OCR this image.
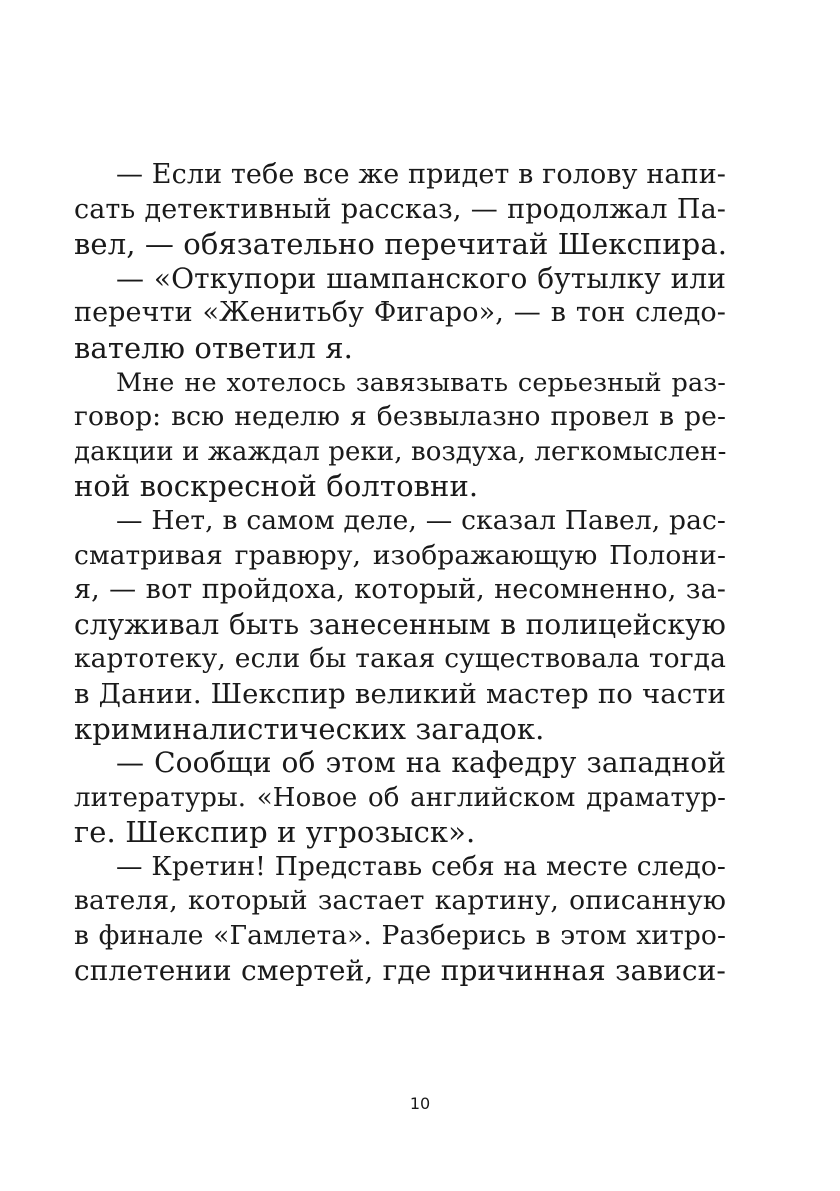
— Если тебе все же придет в голову напи-
сать детективный рассказ, — продолжал Па-
вел, — обязательно перечитай Шекспира.
— «Откупори шампанского бутылку или
перечти «Женитьбу Фигаро», — в тон следо-
вателю ответил я.
Мне не хотелось завязывать серьезный раз-
говор: всю неделю я безвылазно провел в ре-
дакции и жаждал реки, воздуха, легкомыслен-
ной воскресной болтовни.
— Нет, в самом деле, — сказал Павел, рас-
сматривая гравюру, изображающую Полони-
я, — вот пройдоха, который, несомненно, за-
служивал быть занесенным в полицейскую
картотеку, если бы такая существовала тогда
в Дании. Шекспир великий мастер по части
криминалистических загадок.
— Сообщи об этом на кафедру западной
литературы. «Новое об английском драматур-
ге. Шекспир и угрозыск».
— Кретин! Представь себя на месте следо-
вателя, который застает картину, описанную
в финале «Гамлета». Разберись в этом хитро-
сплетении смертей, где причинная зависи-
10
